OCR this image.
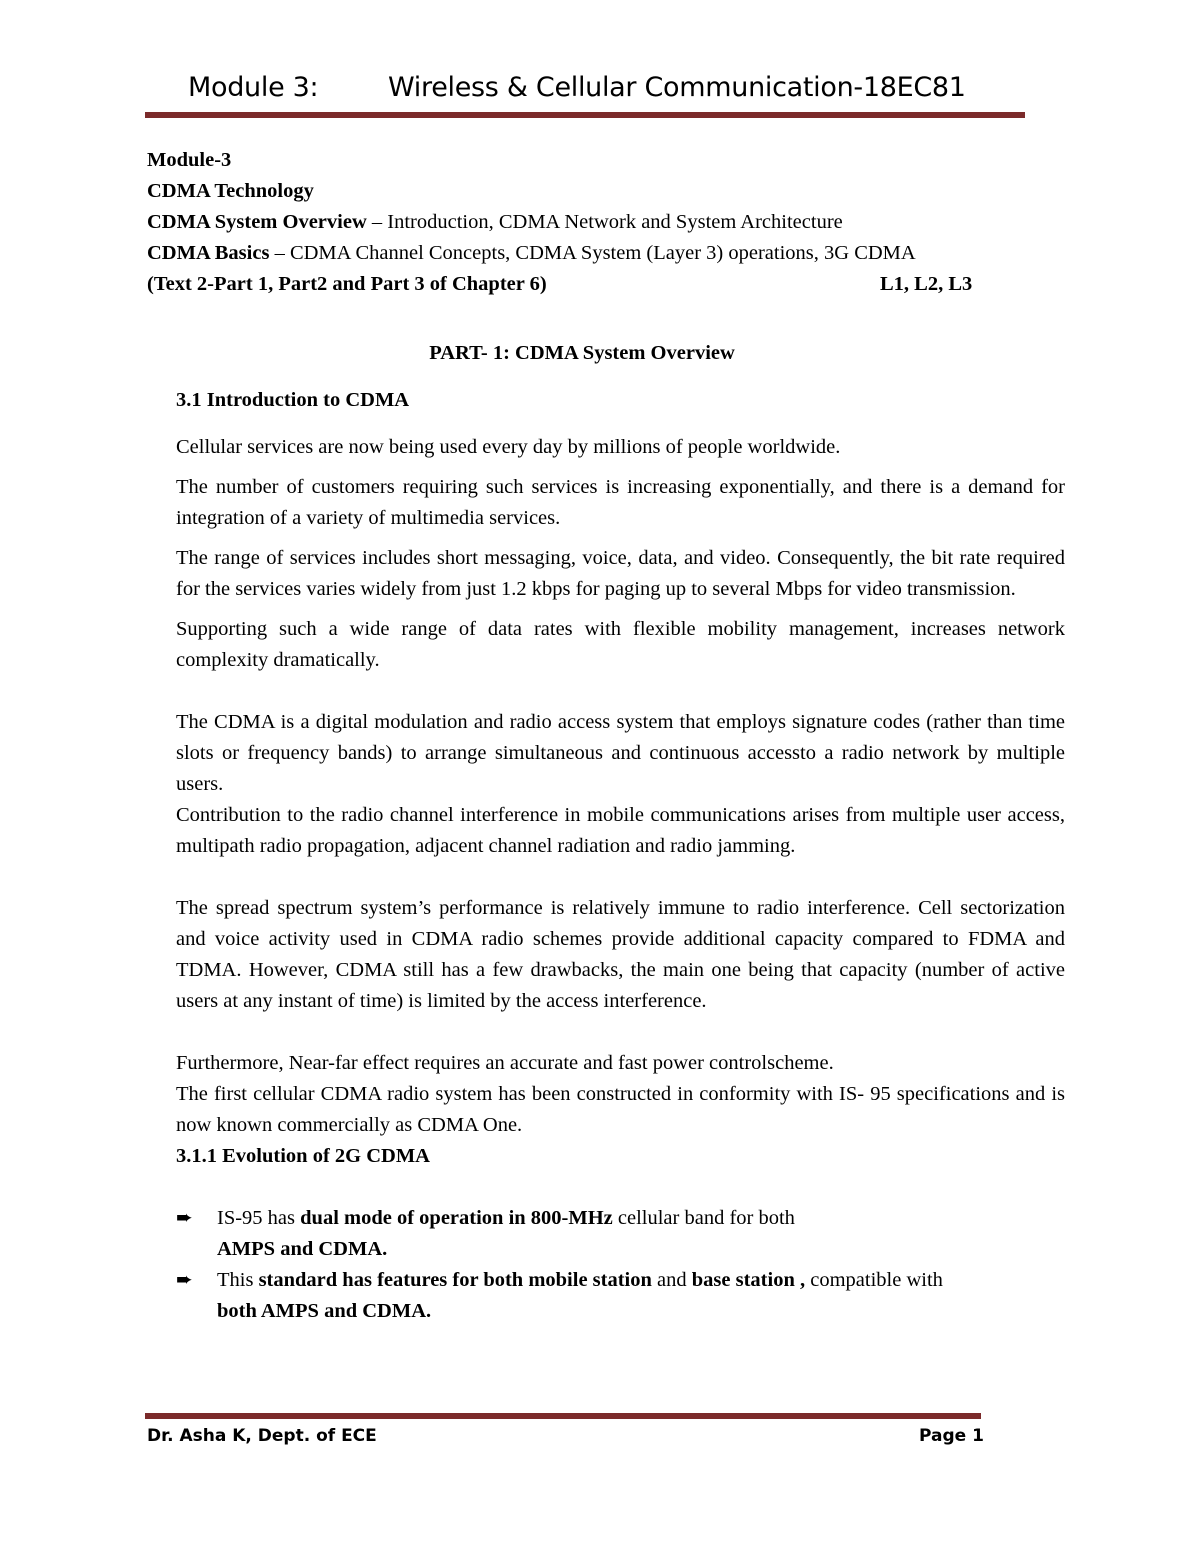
Module 3:	Wireless & Cellular Communication-18EC81
Module-3
CDMA Technology
CDMA System Overview – Introduction, CDMA Network and System Architecture
CDMA Basics – CDMA Channel Concepts, CDMA System (Layer 3) operations, 3G CDMA
(Text 2-Part 1, Part2 and Part 3 of Chapter 6)	L1, L2, L3
PART- 1: CDMA System Overview
3.1 Introduction to CDMA

Cellular services are now being used every day by millions of people worldwide.

The number of customers requiring such services is increasing exponentially, and there is a demand for integration of a variety of multimedia services.

The range of services includes short messaging, voice, data, and video. Consequently, the bit rate required for the services varies widely from just 1.2 kbps for paging up to several Mbps for video transmission.

Supporting such a wide range of data rates with flexible mobility management, increases network complexity dramatically.

The CDMA is a digital modulation and radio access system that employs signature codes (rather than time slots or frequency bands) to arrange simultaneous and continuous accessto a radio network by multiple users.

Contribution to the radio channel interference in mobile communications arises from multiple user access, multipath radio propagation, adjacent channel radiation and radio jamming.

The spread spectrum system’s performance is relatively immune to radio interference. Cell sectorization and voice activity used in CDMA radio schemes provide additional capacity compared to FDMA and TDMA. However, CDMA still has a few drawbacks, the main one being that capacity (number of active users at any instant of time) is limited by the access interference.

Furthermore, Near-far effect requires an accurate and fast power controlscheme.

The first cellular CDMA radio system has been constructed in conformity with IS- 95 specifications and is now known commercially as CDMA One.

3.1.1 Evolution of 2G CDMA
➨ IS-95 has dual mode of operation in 800-MHz cellular band for both
AMPS and CDMA.
➨ This standard has features for both mobile station and base station , compatible with
both AMPS and CDMA.
Dr. Asha K, Dept. of ECE	Page 1
